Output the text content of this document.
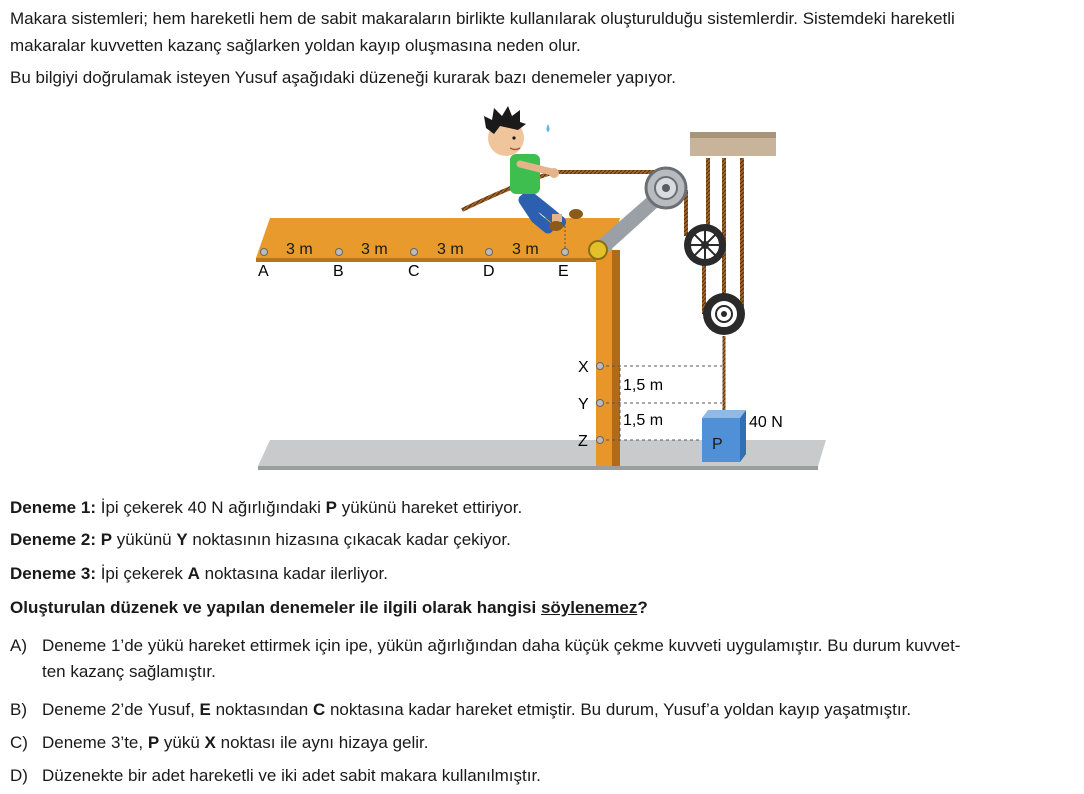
Makara sistemleri; hem hareketli hem de sabit makaraların birlikte kullanılarak oluşturulduğu sistemlerdir. Sistemdeki hareketli
makaralar kuvvetten kazanç sağlarken yoldan kayıp oluşmasına neden olur.
Bu bilgiyi doğrulamak isteyen Yusuf aşağıdaki düzeneği kurarak bazı denemeler yapıyor.
3 m	3 m	3 m	3 m
A	B	C	D	E
X
Y
Z
1,5 m
1,5 m
P
40 N
Deneme 1: İpi çekerek 40 N ağırlığındaki P yükünü hareket ettiriyor.
Deneme 2: P yükünü Y noktasının hizasına çıkacak kadar çekiyor.
Deneme 3: İpi çekerek A noktasına kadar ilerliyor.
Oluşturulan düzenek ve yapılan denemeler ile ilgili olarak hangisi söylenemez?
A) Deneme 1’de yükü hareket ettirmek için ipe, yükün ağırlığından daha küçük çekme kuvveti uygulamıştır. Bu durum kuvvet-
ten kazanç sağlamıştır.
B) Deneme 2’de Yusuf, E noktasından C noktasına kadar hareket etmiştir. Bu durum, Yusuf’a yoldan kayıp yaşatmıştır.
C) Deneme 3’te, P yükü X noktası ile aynı hizaya gelir.
D) Düzenekte bir adet hareketli ve iki adet sabit makara kullanılmıştır.
